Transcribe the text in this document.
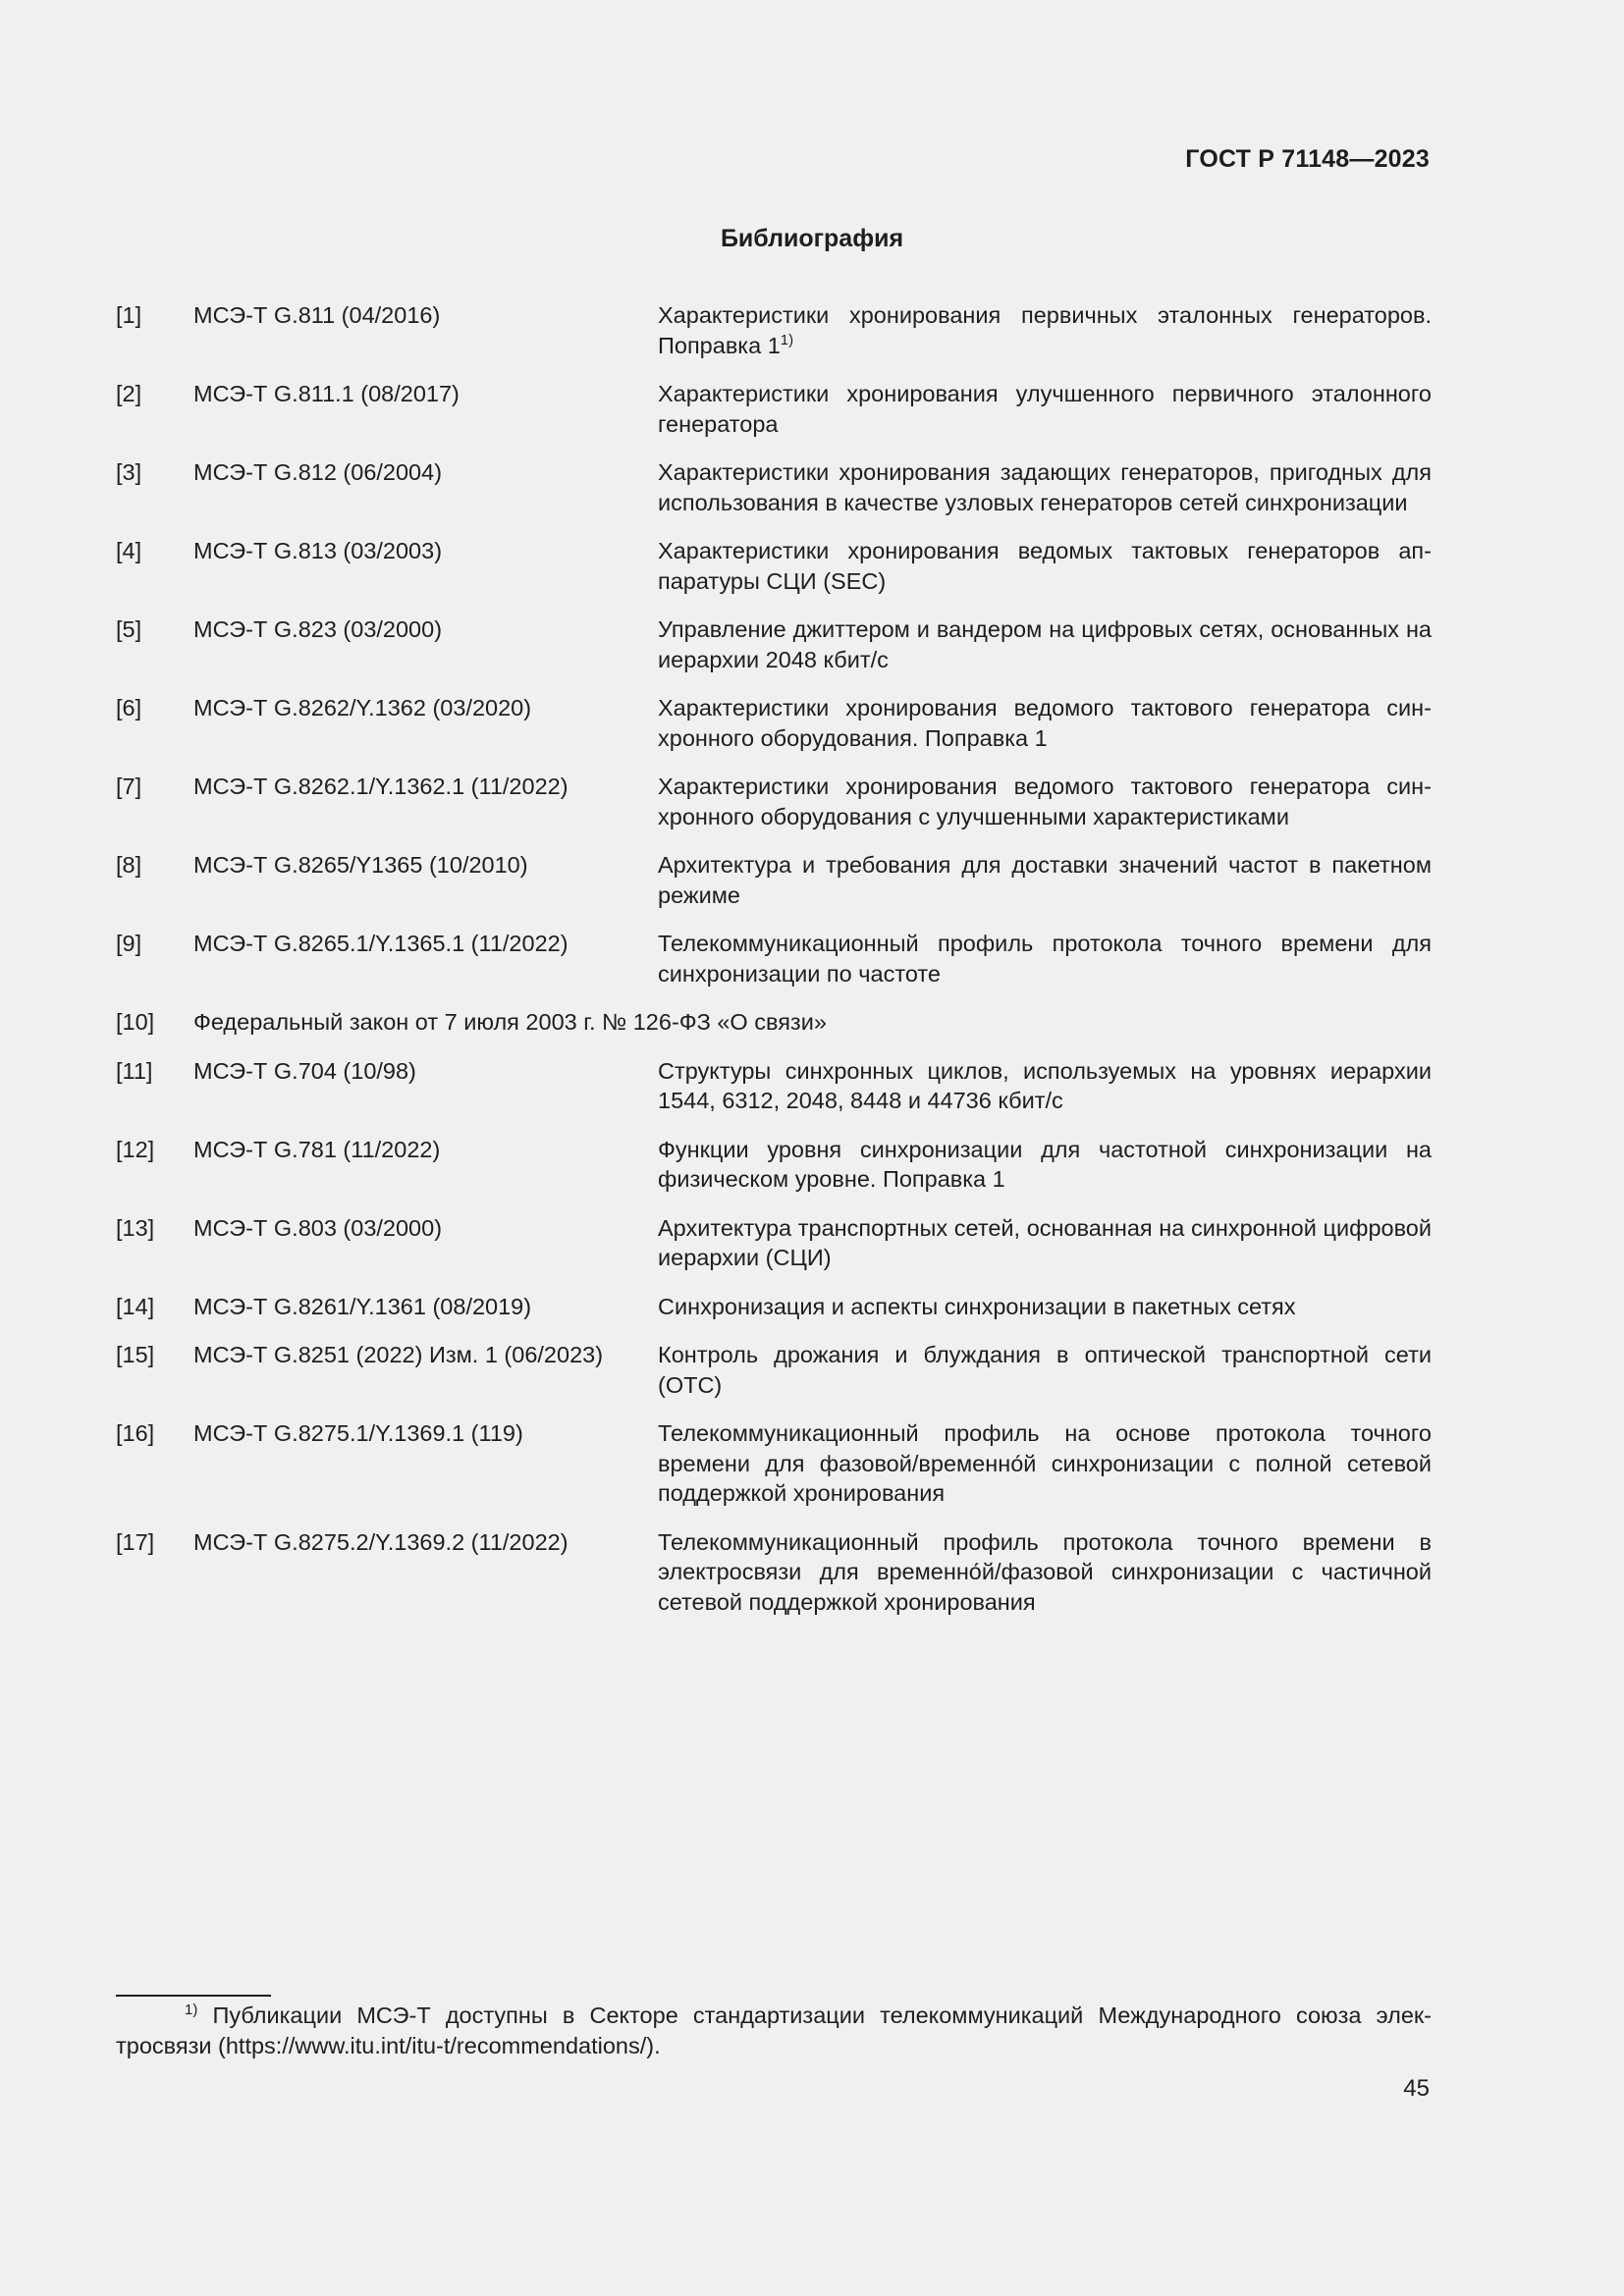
ГОСТ Р 71148—2023
Библиография
[1]	МСЭ-Т G.811 (04/2016)	Характеристики хронирования первичных эталонных генераторов. Поправка 1$^{1)}$
[2]	МСЭ-Т G.811.1 (08/2017)	Характеристики хронирования улучшенного первичного эталонного генератора
[3]	МСЭ-Т G.812 (06/2004)	Характеристики хронирования задающих генераторов, пригодных для использования в качестве узловых генераторов сетей синхронизации
[4]	МСЭ-Т G.813 (03/2003)	Характеристики хронирования ведомых тактовых генераторов аппаратуры СЦИ (SEC)
[5]	МСЭ-Т G.823 (03/2000)	Управление джиттером и вандером на цифровых сетях, основанных на иерархии 2048 кбит/с
[6]	МСЭ-Т G.8262/Y.1362 (03/2020)	Характеристики хронирования ведомого тактового генератора синхронного оборудования. Поправка 1
[7]	МСЭ-Т G.8262.1/Y.1362.1 (11/2022)	Характеристики хронирования ведомого тактового генератора синхронного оборудования с улучшенными характеристиками
[8]	МСЭ-Т G.8265/Y1365 (10/2010)	Архитектура и требования для доставки значений частот в пакетном режиме
[9]	МСЭ-Т G.8265.1/Y.1365.1 (11/2022)	Телекоммуникационный профиль протокола точного времени для синхронизации по частоте
[10]	Федеральный закон от 7 июля 2003 г. № 126-ФЗ «О связи»
[11]	МСЭ-Т G.704 (10/98)	Структуры синхронных циклов, используемых на уровнях иерархии 1544, 6312, 2048, 8448 и 44736 кбит/с
[12]	МСЭ-Т G.781 (11/2022)	Функции уровня синхронизации для частотной синхронизации на физическом уровне. Поправка 1
[13]	МСЭ-Т G.803 (03/2000)	Архитектура транспортных сетей, основанная на синхронной цифровой иерархии (СЦИ)
[14]	МСЭ-Т G.8261/Y.1361 (08/2019)	Синхронизация и аспекты синхронизации в пакетных сетях
[15]	МСЭ-Т G.8251 (2022) Изм. 1 (06/2023)	Контроль дрожания и блуждания в оптической транспортной сети (ОТС)
[16]	МСЭ-Т G.8275.1/Y.1369.1 (119)	Телекоммуникационный профиль на основе протокола точного времени для фазовой/временно́й синхронизации с полной сетевой поддержкой хронирования
[17]	МСЭ-Т G.8275.2/Y.1369.2 (11/2022)	Телекоммуникационный профиль протокола точного времени в электросвязи для временно́й/фазовой синхронизации с частичной сетевой поддержкой хронирования
$^{1)}$ Публикации МСЭ-Т доступны в Секторе стандартизации телекоммуникаций Международного союза электросвязи (https://www.itu.int/itu-t/recommendations/).
45
